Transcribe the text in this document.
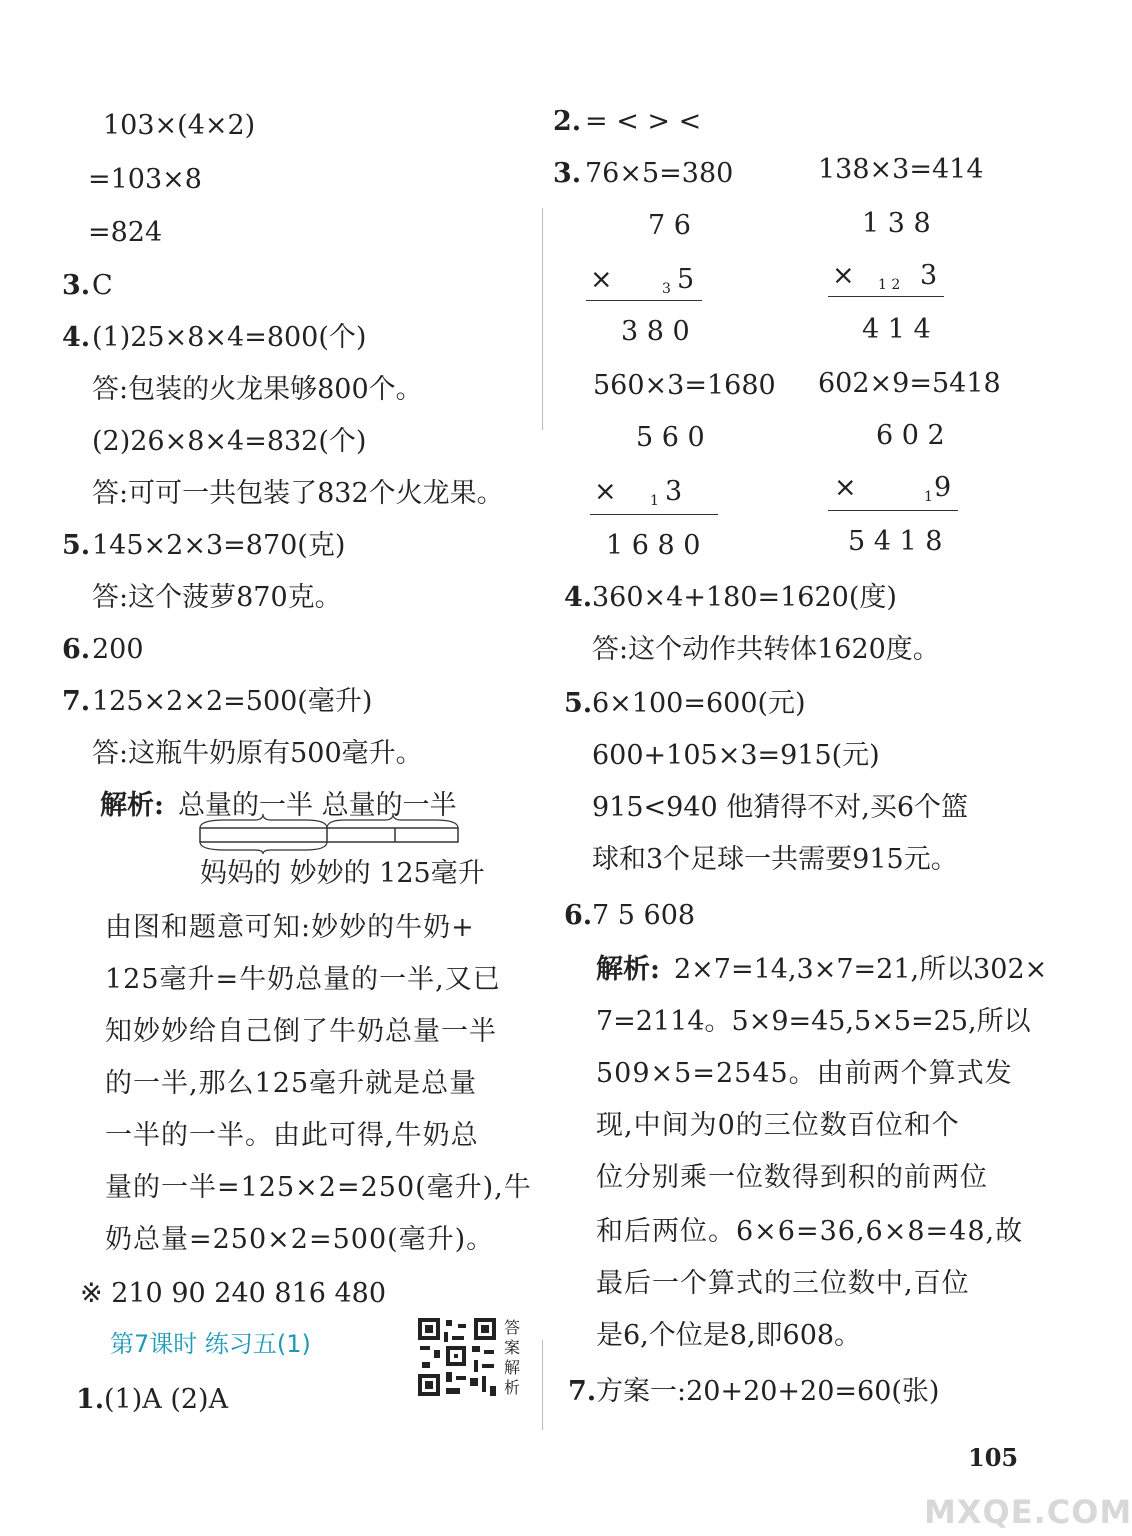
103×(4×2)
=103×8
=824
3. C
4. (1)25×8×4=800(个)
答:包装的火龙果够800个。
(2)26×8×4=832(个)
答:可可一共包装了832个火龙果。
5. 145×2×3=870(克)
答:这个菠萝870克。
6. 200
7. 125×2×2=500(毫升)
答:这瓶牛奶原有500毫升。
解析: 总量的一半 总量的一半
妈妈的 妙妙的 125毫升
由图和题意可知:妙妙的牛奶+
125毫升=牛奶总量的一半,又已
知妙妙给自己倒了牛奶总量一半
的一半,那么125毫升就是总量
一半的一半。由此可得,牛奶总
量的一半=125×2=250(毫升),牛
奶总量=250×2=500(毫升)。
※ 210 90 240 816 480
第7课时 练习五(1)
答案解析
1. (1)A (2)A
2. = < > <
3. 76×5=380	138×3=414
7 6
×	3 5
3 8 0
1 3 8
× 1 2 3
4 1 4
560×3=1680 602×9=5418
5 6 0
× 1 3
1 6 8 0
6 0 2
×	1 9
5 4 1 8
4. 360×4+180=1620(度)
答:这个动作共转体1620度。
5. 6×100=600(元)
600+105×3=915(元)
915<940 他猜得不对,买6个篮
球和3个足球一共需要915元。
6. 7 5 608
解析: 2×7=14,3×7=21,所以302×
7=2114。5×9=45,5×5=25,所以
509×5=2545。由前两个算式发
现,中间为0的三位数百位和个
位分别乘一位数得到积的前两位
和后两位。6×6=36,6×8=48,故
最后一个算式的三位数中,百位
是6,个位是8,即608。
7. 方案一:20+20+20=60(张)
105
MXQE.COM
